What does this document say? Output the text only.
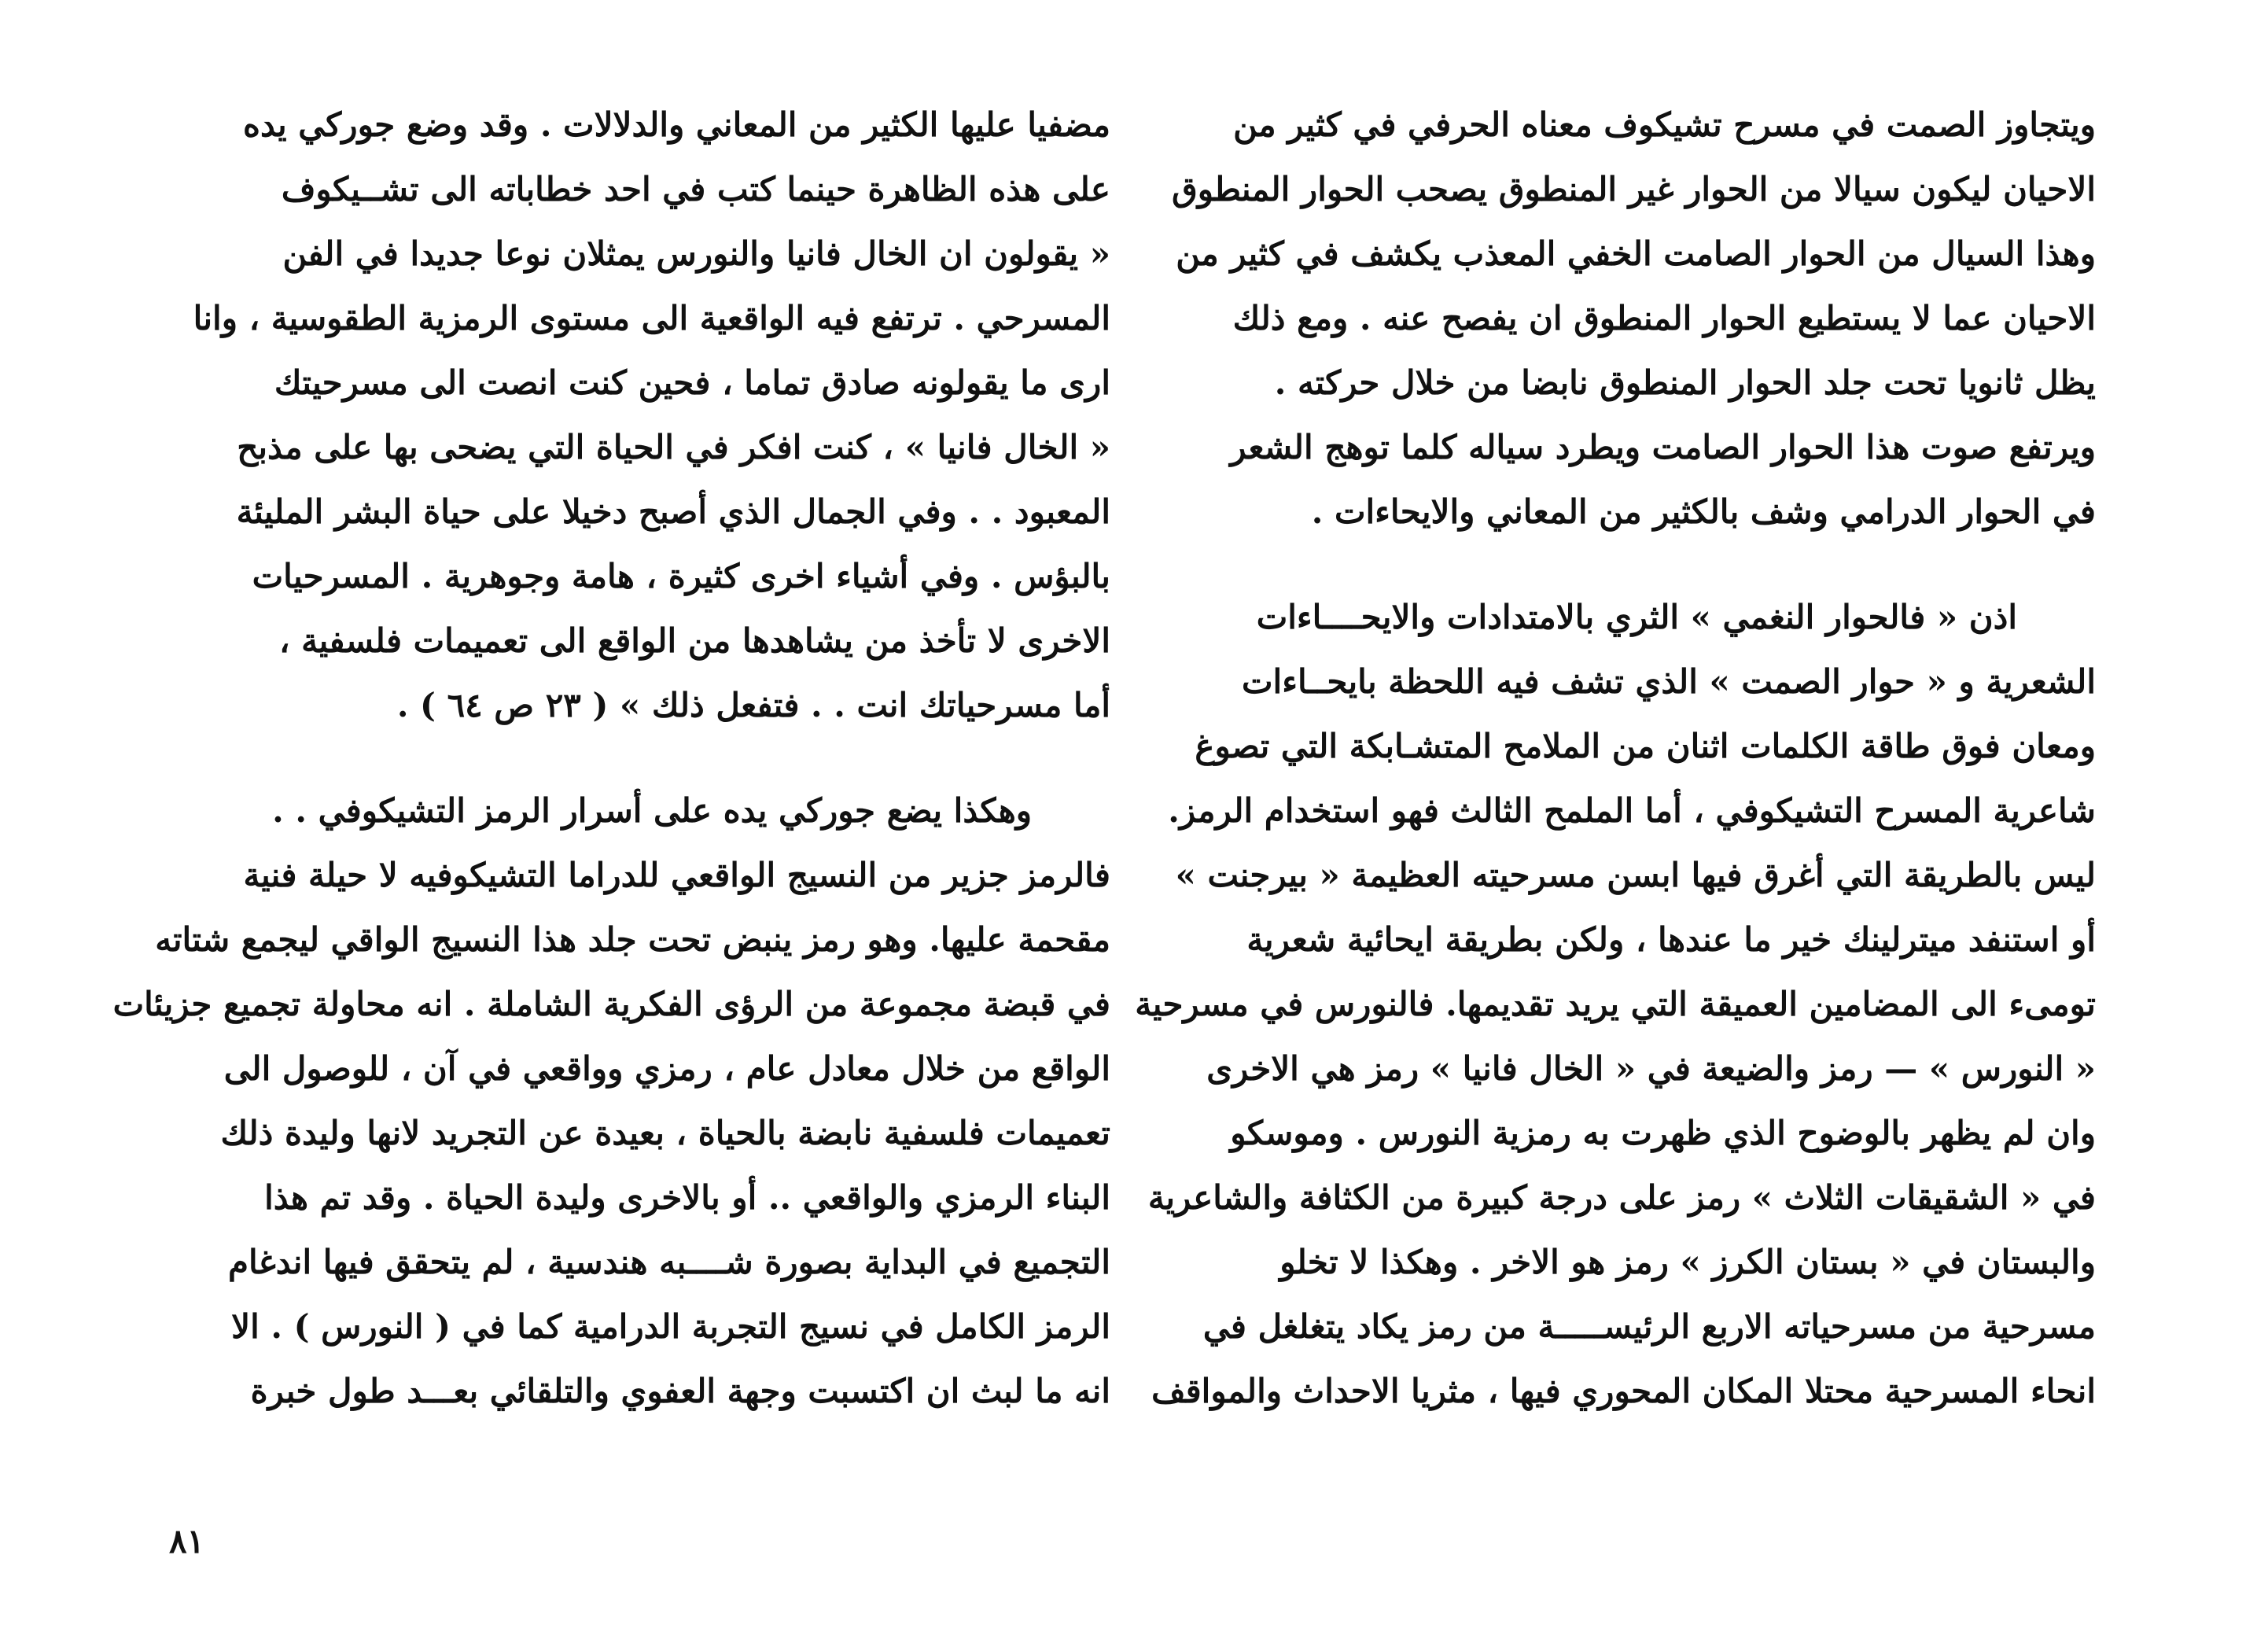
ويتجاوز الصمت في مسرح تشيكوف معناه الحرفي في كثير من
الاحيان ليكون سيالا من الحوار غير المنطوق يصحب الحوار المنطوق
وهذا السيال من الحوار الصامت الخفي المعذب يكشف في كثير من
الاحيان عما لا يستطيع الحوار المنطوق ان يفصح عنه . ومع ذلك
يظل ثانويا تحت جلد الحوار المنطوق نابضا من خلال حركته .
ويرتفع صوت هذا الحوار الصامت ويطرد سياله كلما توهج الشعر
في الحوار الدرامي وشف بالكثير من المعاني والايحاءات .
اذن « فالحوار النغمي » الثري بالامتدادات والايحــــاءات
الشعرية و « حوار الصمت » الذي تشف فيه اللحظة بايحــاءات
ومعان فوق طاقة الكلمات اثنان من الملامح المتشـابكة التي تصوغ
شاعرية المسرح التشيكوفي ، أما الملمح الثالث فهو استخدام الرمز.
ليس بالطريقة التي أغرق فيها ابسن مسرحيته العظيمة « بيرجنت »
أو استنفد ميترلينك خير ما عندها ، ولكن بطريقة ايحائية شعرية
تومىء الى المضامين العميقة التي يريد تقديمها. فالنورس في مسرحية
« النورس » — رمز والضيعة في « الخال فانيا » رمز هي الاخرى
وان لم يظهر بالوضوح الذي ظهرت به رمزية النورس . وموسكو
في « الشقيقات الثلاث » رمز على درجة كبيرة من الكثافة والشاعرية
والبستان في « بستان الكرز » رمز هو الاخر . وهكذا لا تخلو
مسرحية من مسرحياته الاربع الرئيســـــة من رمز يكاد يتغلغل في
انحاء المسرحية محتلا المكان المحوري فيها ، مثريا الاحداث والمواقف
مضفيا عليها الكثير من المعاني والدلالات . وقد وضع جوركي يده
على هذه الظاهرة حينما كتب في احد خطاباته الى تشــيكوف
« يقولون ان الخال فانيا والنورس يمثلان نوعا جديدا في الفن
المسرحي . ترتفع فيه الواقعية الى مستوى الرمزية الطقوسية ، وانا
ارى ما يقولونه صادق تماما ، فحين كنت انصت الى مسرحيتك
« الخال فانيا » ، كنت افكر في الحياة التي يضحى بها على مذبح
المعبود . . وفي الجمال الذي أصبح دخيلا على حياة البشر المليئة
بالبؤس . وفي أشياء اخرى كثيرة ، هامة وجوهرية . المسرحيات
الاخرى لا تأخذ من يشاهدها من الواقع الى تعميمات فلسفية ،
أما مسرحياتك انت . . فتفعل ذلك » ( ٢٣ ص ٦٤ ) .
وهكذا يضع جوركي يده على أسرار الرمز التشيكوفي . .
فالرمز جزير من النسيج الواقعي للدراما التشيكوفيه لا حيلة فنية
مقحمة عليها. وهو رمز ينبض تحت جلد هذا النسيج الواقي ليجمع شتاته
في قبضة مجموعة من الرؤى الفكرية الشاملة . انه محاولة تجميع جزيئات
الواقع من خلال معادل عام ، رمزي وواقعي في آن ، للوصول الى
تعميمات فلسفية نابضة بالحياة ، بعيدة عن التجريد لانها وليدة ذلك
البناء الرمزي والواقعي .. أو بالاخرى وليدة الحياة . وقد تم هذا
التجميع في البداية بصورة شــــبه هندسية ، لم يتحقق فيها اندغام
الرمز الكامل في نسيج التجربة الدرامية كما في ( النورس ) . الا
انه ما لبث ان اكتسبت وجهة العفوي والتلقائي بعـــد طول خبرة
٨١
